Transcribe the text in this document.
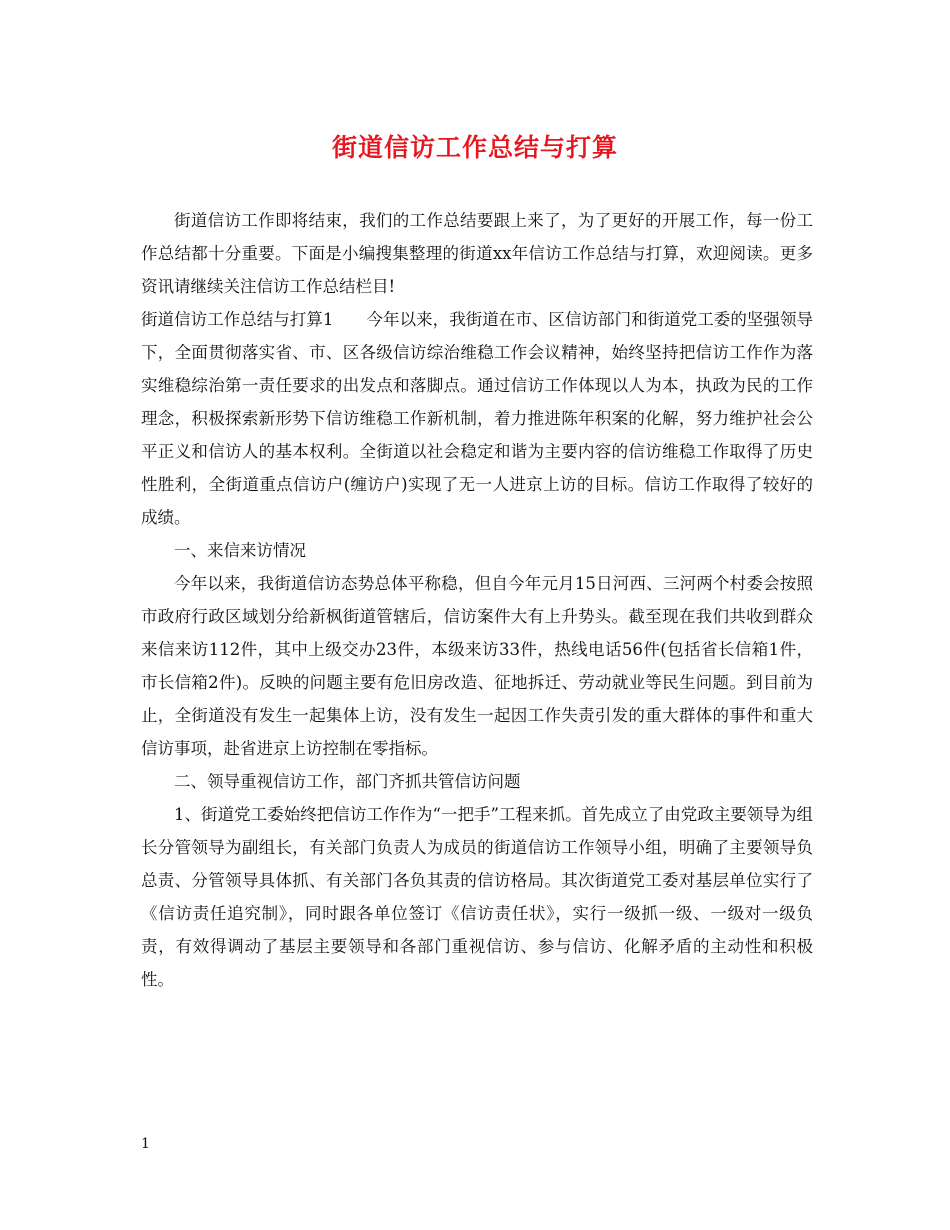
街道信访工作总结与打算

街道信访工作即将结束，我们的工作总结要跟上来了，为了更好的开展工作，每一份工作总结都十分重要。下面是小编搜集整理的街道xx年信访工作总结与打算，欢迎阅读。更多资讯请继续关注信访工作总结栏目!

街道信访工作总结与打算1　　今年以来，我街道在市、区信访部门和街道党工委的坚强领导下，全面贯彻落实省、市、区各级信访综治维稳工作会议精神，始终坚持把信访工作作为落实维稳综治第一责任要求的出发点和落脚点。通过信访工作体现以人为本，执政为民的工作理念，积极探索新形势下信访维稳工作新机制，着力推进陈年积案的化解，努力维护社会公平正义和信访人的基本权利。全街道以社会稳定和谐为主要内容的信访维稳工作取得了历史性胜利，全街道重点信访户(缠访户)实现了无一人进京上访的目标。信访工作取得了较好的成绩。

一、来信来访情况

今年以来，我街道信访态势总体平称稳，但自今年元月15日河西、三河两个村委会按照市政府行政区域划分给新枫街道管辖后，信访案件大有上升势头。截至现在我们共收到群众来信来访112件，其中上级交办23件，本级来访33件，热线电话56件(包括省长信箱1件，市长信箱2件)。反映的问题主要有危旧房改造、征地拆迁、劳动就业等民生问题。到目前为止，全街道没有发生一起集体上访，没有发生一起因工作失责引发的重大群体的事件和重大信访事项，赴省进京上访控制在零指标。

二、领导重视信访工作，部门齐抓共管信访问题

1、街道党工委始终把信访工作作为“一把手”工程来抓。首先成立了由党政主要领导为组长分管领导为副组长，有关部门负责人为成员的街道信访工作领导小组，明确了主要领导负总责、分管领导具体抓、有关部门各负其责的信访格局。其次街道党工委对基层单位实行了《信访责任追究制》，同时跟各单位签订《信访责任状》，实行一级抓一级、一级对一级负责，有效得调动了基层主要领导和各部门重视信访、参与信访、化解矛盾的主动性和积极性。

1
